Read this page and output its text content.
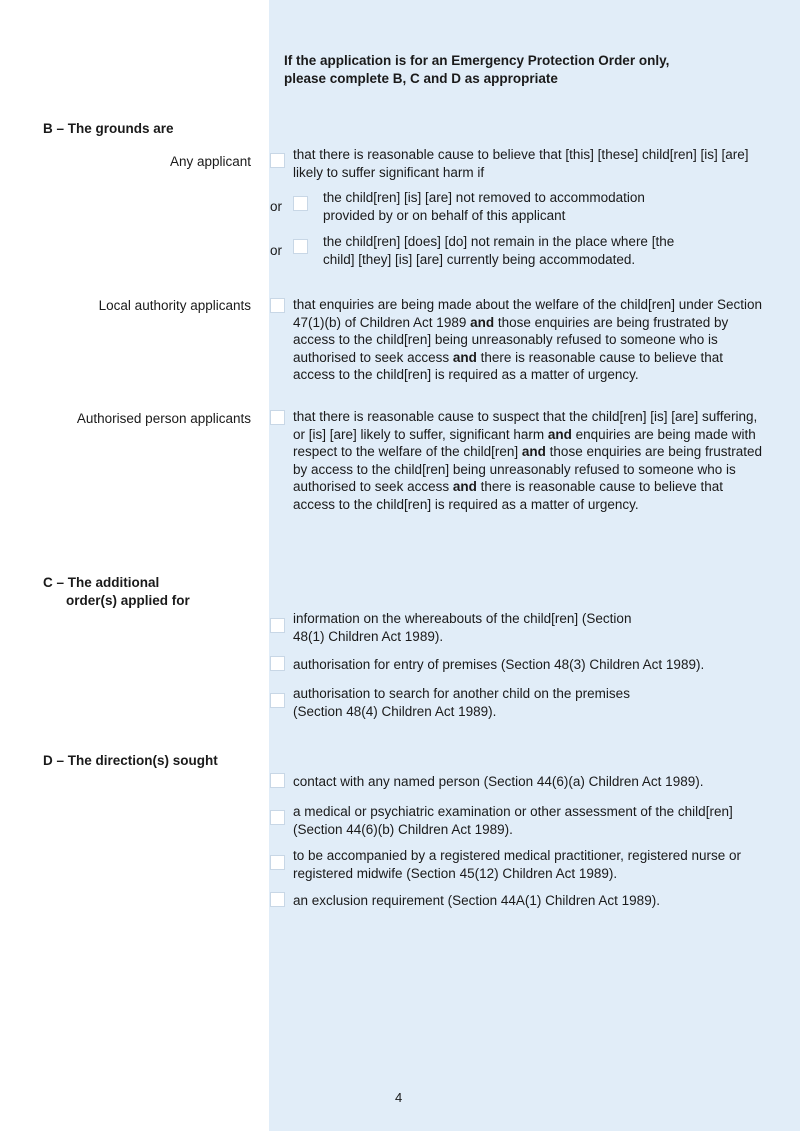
If the application is for an Emergency Protection Order only,
please complete B, C and D as appropriate
B – The grounds are
Any applicant	that there is reasonable cause to believe that [this] [these] child[ren] [is] [are] likely to suffer significant harm if
or
the child[ren] [is] [are] not removed to accommodation provided by or on behalf of this applicant
or
the child[ren] [does] [do] not remain in the place where [the child] [they] [is] [are] currently being accommodated.
Local authority applicants	that enquiries are being made about the welfare of the child[ren] under Section 47(1)(b) of Children Act 1989 and those enquiries are being frustrated by access to the child[ren] being unreasonably refused to someone who is authorised to seek access and there is reasonable cause to believe that access to the child[ren] is required as a matter of urgency.
Authorised person applicants	that there is reasonable cause to suspect that the child[ren] [is] [are] suffering, or [is] [are] likely to suffer, significant harm and enquiries are being made with respect to the welfare of the child[ren] and those enquiries are being frustrated by access to the child[ren] being unreasonably refused to someone who is authorised to seek access and there is reasonable cause to believe that access to the child[ren] is required as a matter of urgency.
C – The additional
order(s) applied for
information on the whereabouts of the child[ren] (Section 48(1) Children Act 1989).
authorisation for entry of premises (Section 48(3) Children Act 1989).
authorisation to search for another child on the premises (Section 48(4) Children Act 1989).
D – The direction(s) sought
contact with any named person (Section 44(6)(a) Children Act 1989).
a medical or psychiatric examination or other assessment of the child[ren] (Section 44(6)(b) Children Act 1989).
to be accompanied by a registered medical practitioner, registered nurse or registered midwife (Section 45(12) Children Act 1989).
an exclusion requirement (Section 44A(1) Children Act 1989).
4
